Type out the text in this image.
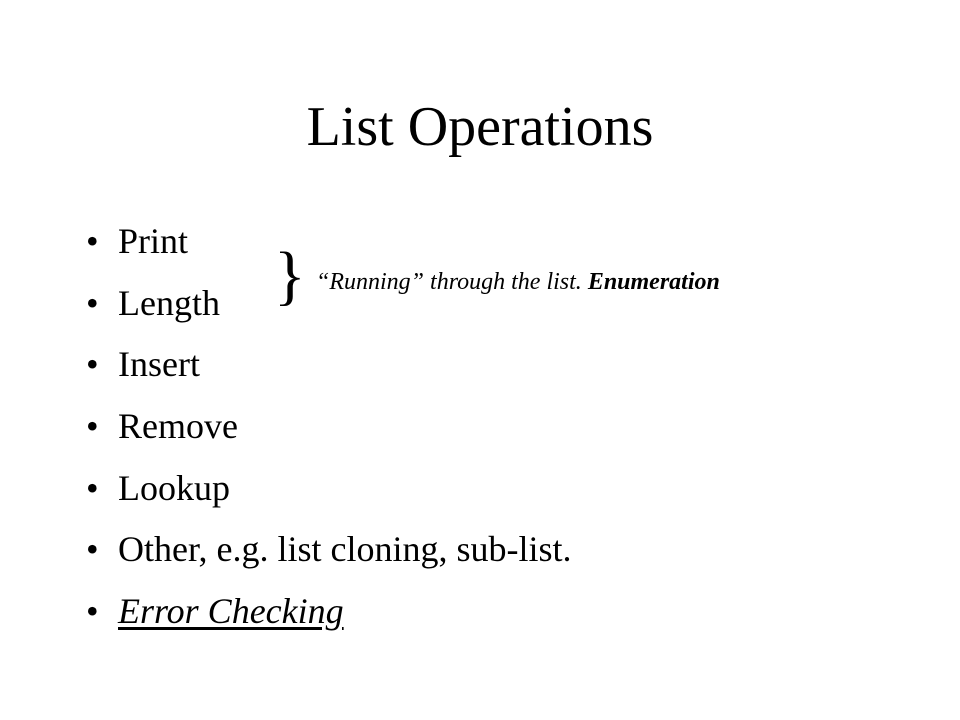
List Operations
• Print
• Length
• Insert
• Remove
• Lookup
• Other, e.g. list cloning, sub-list.
• Error Checking
} “Running” through the list. Enumeration
